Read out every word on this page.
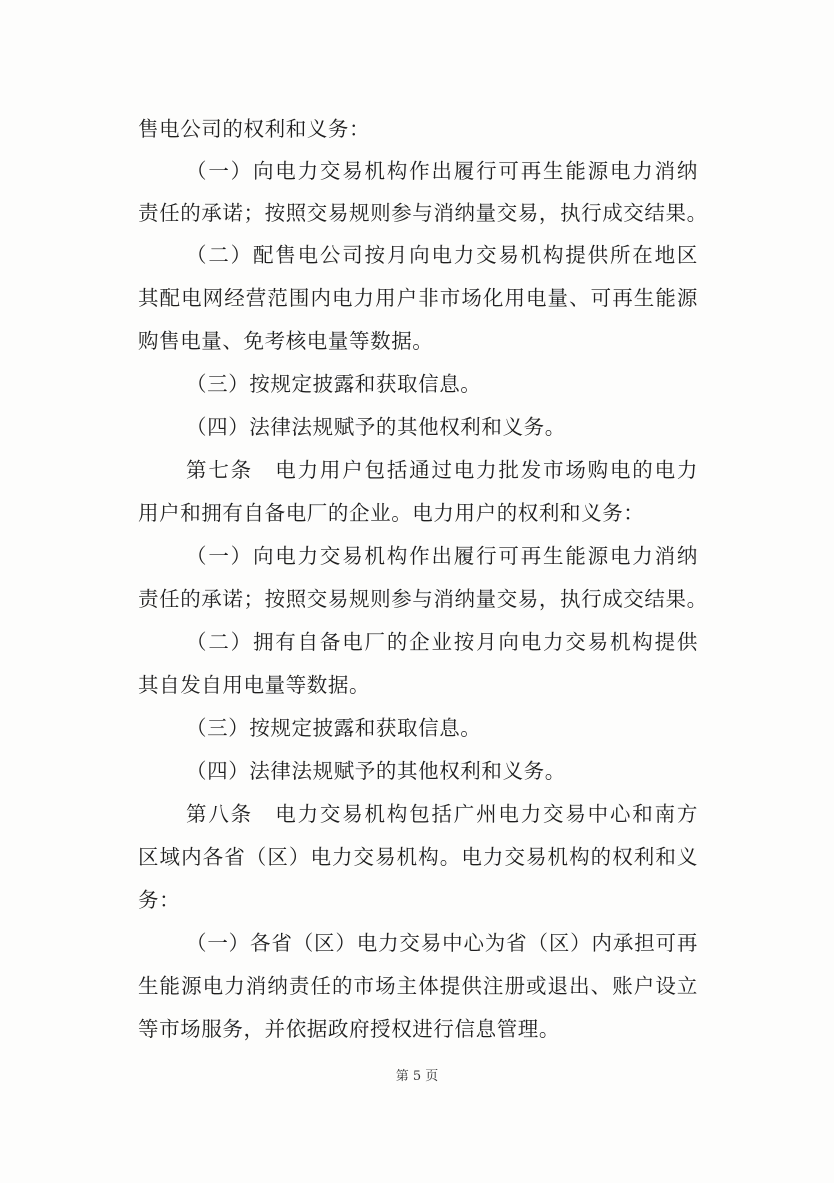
售电公司的权利和义务：
（一）向电力交易机构作出履行可再生能源电力消纳
责任的承诺；按照交易规则参与消纳量交易，执行成交结果。
（二）配售电公司按月向电力交易机构提供所在地区
其配电网经营范围内电力用户非市场化用电量、可再生能源
购售电量、免考核电量等数据。
（三）按规定披露和获取信息。
（四）法律法规赋予的其他权利和义务。
第七条　电力用户包括通过电力批发市场购电的电力
用户和拥有自备电厂的企业。电力用户的权利和义务：
（一）向电力交易机构作出履行可再生能源电力消纳
责任的承诺；按照交易规则参与消纳量交易，执行成交结果。
（二）拥有自备电厂的企业按月向电力交易机构提供
其自发自用电量等数据。
（三）按规定披露和获取信息。
（四）法律法规赋予的其他权利和义务。
第八条　电力交易机构包括广州电力交易中心和南方
区域内各省（区）电力交易机构。电力交易机构的权利和义
务：
（一）各省（区）电力交易中心为省（区）内承担可再
生能源电力消纳责任的市场主体提供注册或退出、账户设立
等市场服务，并依据政府授权进行信息管理。
第 5 页
